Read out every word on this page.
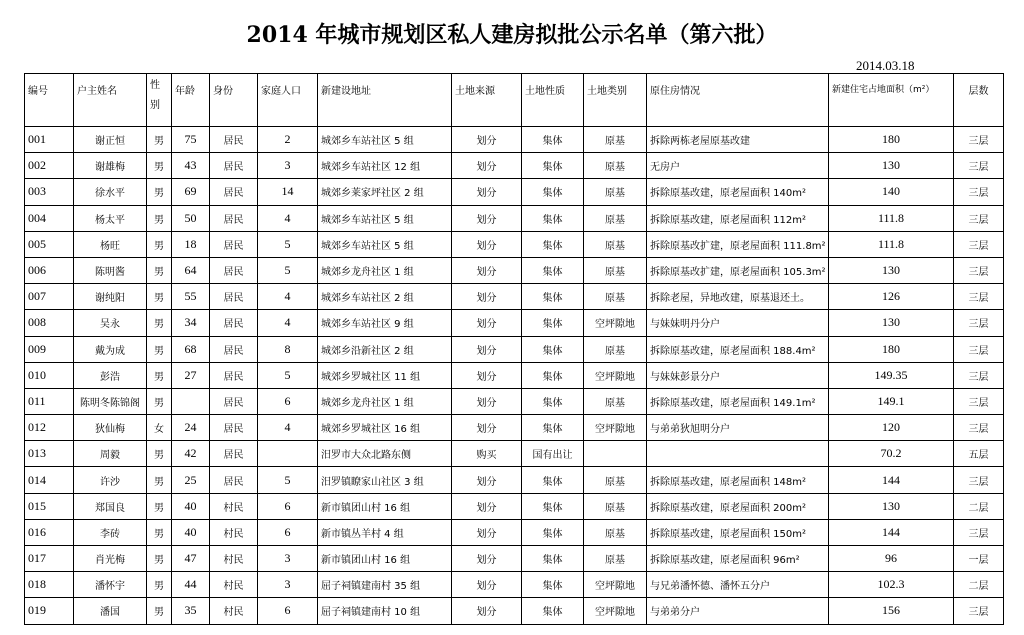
2014 年城市规划区私人建房拟批公示名单（第六批）
2014.03.18
编号	户主姓名	性别	年龄	身份	家庭人口	新建设地址	土地来源	土地性质	土地类别	原住房情况	新建住宅占地面积（m²）	层数
001	谢正恒	男	75	居民	2	城郊乡车站社区 5 组	划分	集体	原基	拆除两栋老屋原基改建	180	三层
002	谢雄梅	男	43	居民	3	城郊乡车站社区 12 组	划分	集体	原基	无房户	130	三层
003	徐水平	男	69	居民	14	城郊乡莱家坪社区 2 组	划分	集体	原基	拆除原基改建，原老屋面积 140m²	140	三层
004	杨太平	男	50	居民	4	城郊乡车站社区 5 组	划分	集体	原基	拆除原基改建，原老屋面积 112m²	111.8	三层
005	杨旺	男	18	居民	5	城郊乡车站社区 5 组	划分	集体	原基	拆除原基改扩建，原老屋面积 111.8m²	111.8	三层
006	陈明酱	男	64	居民	5	城郊乡龙舟社区 1 组	划分	集体	原基	拆除原基改扩建，原老屋面积 105.3m²	130	三层
007	谢纯阳	男	55	居民	4	城郊乡车站社区 2 组	划分	集体	原基	拆除老屋，异地改建，原基退还土。	126	三层
008	吴永	男	34	居民	4	城郊乡车站社区 9 组	划分	集体	空坪隙地	与妹妹明丹分户	130	三层
009	戴为成	男	68	居民	8	城郊乡沿新社区 2 组	划分	集体	原基	拆除原基改建，原老屋面积 188.4m²	180	三层
010	彭浩	男	27	居民	5	城郊乡罗城社区 11 组	划分	集体	空坪隙地	与妹妹彭景分户	149.35	三层
011	陈明冬陈锦阁	男		居民	6	城郊乡龙舟社区 1 组	划分	集体	原基	拆除原基改建，原老屋面积 149.1m²	149.1	三层
012	狄仙梅	女	24	居民	4	城郊乡罗城社区 16 组	划分	集体	空坪隙地	与弟弟狄旭明分户	120	三层
013	周毅	男	42	居民		汨罗市大众北路东侧	购买	国有出让			70.2	五层
014	许沙	男	25	居民	5	汨罗镇瞭家山社区 3 组	划分	集体	原基	拆除原基改建，原老屋面积 148m²	144	三层
015	郑国良	男	40	村民	6	新市镇团山村 16 组	划分	集体	原基	拆除原基改建，原老屋面积 200m²	130	二层
016	李砖	男	40	村民	6	新市镇丛羊村 4 组	划分	集体	原基	拆除原基改建，原老屋面积 150m²	144	三层
017	肖光梅	男	47	村民	3	新市镇团山村 16 组	划分	集体	原基	拆除原基改建，原老屋面积 96m²	96	一层
018	潘怀宇	男	44	村民	3	屈子祠镇建南村 35 组	划分	集体	空坪隙地	与兄弟潘怀德、潘怀五分户	102.3	二层
019	潘国	男	35	村民	6	屈子祠镇建南村 10 组	划分	集体	空坪隙地	与弟弟分户	156	三层
